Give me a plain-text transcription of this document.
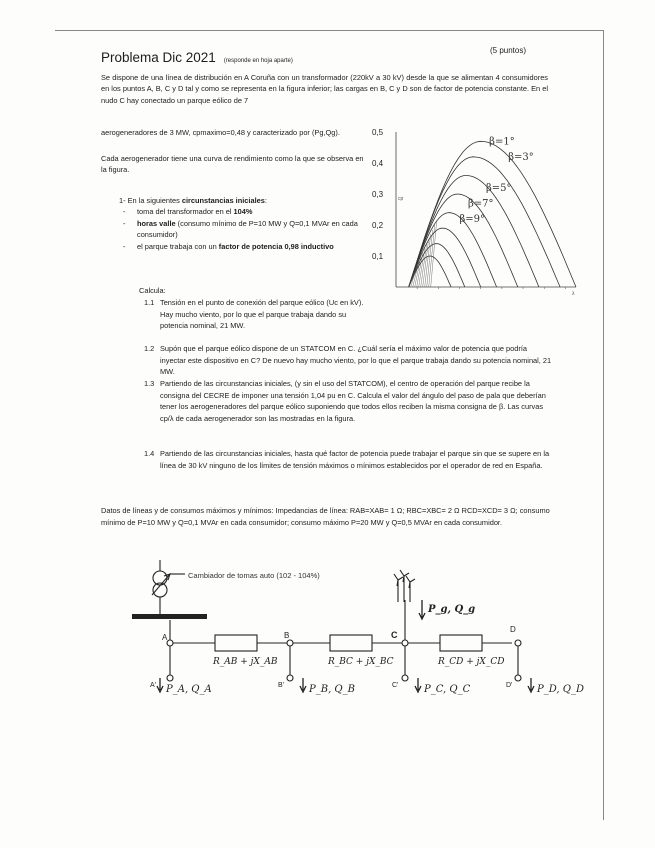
Problema Dic 2021 (responde en hoja aparte)
(5 puntos)
Se dispone de una línea de distribución en A Coruña con un transformador (220kV a 30 kV) desde la que se alimentan 4 consumidores en los puntos A, B, C y D tal y como se representa en la figura inferior; las cargas en B, C y D son de factor de potencia constante. En el nudo C hay conectado un parque eólico de 7
aerogeneradores de 3 MW, cpmaximo=0,48 y caracterizado por (Pg,Qg).
Cada aerogenerador tiene una curva de rendimiento como la que se observa en la figura.
1- En la siguientes circunstancias iniciales:
- toma del transformador en el 104%
- horas valle (consumo mínimo de P=10 MW y Q=0,1 MVAr en cada consumidor)
- el parque trabaja con un factor de potencia 0,98 inductivo
Calcula:
1.1 Tensión en el punto de conexión del parque eólico (Uc en kV). Hay mucho viento, por lo que el parque trabaja dando su potencia nominal, 21 MW.
1.2 Supón que el parque eólico dispone de un STATCOM en C. ¿Cuál sería el máximo valor de potencia que podría inyectar este dispositivo en C? De nuevo hay mucho viento, por lo que el parque trabaja dando su potencia nominal, 21 MW.
1.3 Partiendo de las circunstancias iniciales, (y sin el uso del STATCOM), el centro de operación del parque recibe la consigna del CECRE de imponer una tensión 1,04 pu en C. Calcula el valor del ángulo del paso de pala que deberían tener los aerogeneradores del parque eólico suponiendo que todos ellos reciben la misma consigna de β. Las curvas cp/λ de cada aerogenerador son las mostradas en la figura.
1.4 Partiendo de las circunstancias iniciales, hasta qué factor de potencia puede trabajar el parque sin que se supere en la línea de 30 kV ninguno de los límites de tensión máximos o mínimos establecidos por el operador de red en España.
Datos de líneas y de consumos máximos y mínimos: Impedancias de línea: RAB=XAB= 1 Ω; RBC=XBC= 2 Ω RCD=XCD= 3 Ω; consumo mínimo de P=10 MW y Q=0,1 MVAr en cada consumidor; consumo máximo P=20 MW y Q=0,5 MVAr en cada consumidor.
0,5
0,4
0,3
0,2
0,1
cp
λ
β=1°
β=3°
β=5°
β=7°
β=9°
Cambiador de tomas auto (102 - 104%)
A	B	C
D
A'	B'	C'	D'
R_AB + jX_AB	R_BC + jX_BC	R_CD + jX_CD
P_A, Q_A	P_B, Q_B	P_C, Q_C	P_D, Q_D
P_g, Q_g
